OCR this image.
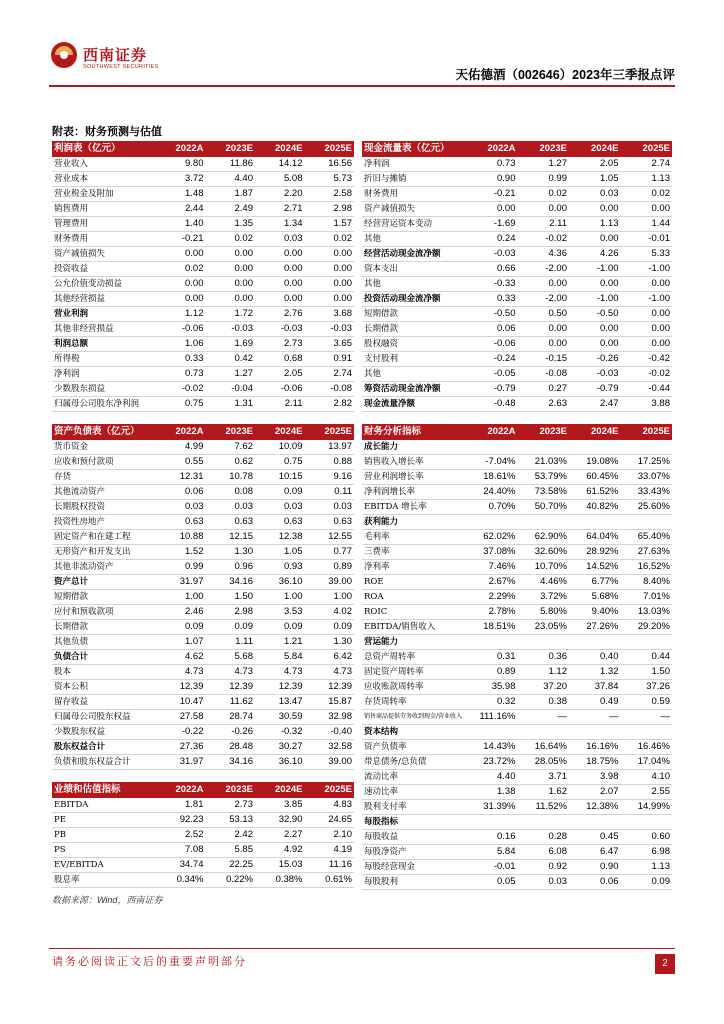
西南证券
SOUTHWEST SECURITIES
天佑德酒（002646）2023年三季报点评
附表：财务预测与估值
利润表（亿元）	2022A	2023E	2024E	2025E
营业收入	9.80	11.86	14.12	16.56
营业成本	3.72	4.40	5.08	5.73
营业税金及附加	1.48	1.87	2.20	2.58
销售费用	2.44	2.49	2.71	2.98
管理费用	1.40	1.35	1.34	1.57
财务费用	-0.21	0.02	0.03	0.02
资产减值损失	0.00	0.00	0.00	0.00
投资收益	0.02	0.00	0.00	0.00
公允价值变动损益	0.00	0.00	0.00	0.00
其他经营损益	0.00	0.00	0.00	0.00
营业利润	1.12	1.72	2.76	3.68
其他非经营损益	-0.06	-0.03	-0.03	-0.03
利润总额	1.06	1.69	2.73	3.65
所得税	0.33	0.42	0.68	0.91
净利润	0.73	1.27	2.05	2.74
少数股东损益	-0.02	-0.04	-0.06	-0.08
归属母公司股东净利润	0.75	1.31	2.11	2.82
现金流量表（亿元）	2022A	2023E	2024E	2025E
净利润	0.73	1.27	2.05	2.74
折旧与摊销	0.90	0.99	1.05	1.13
财务费用	-0.21	0.02	0.03	0.02
资产减值损失	0.00	0.00	0.00	0.00
经营营运资本变动	-1.69	2.11	1.13	1.44
其他	0.24	-0.02	0.00	-0.01
经营活动现金流净额	-0.03	4.36	4.26	5.33
资本支出	0.66	-2.00	-1.00	-1.00
其他	-0.33	0.00	0.00	0.00
投资活动现金流净额	0.33	-2.00	-1.00	-1.00
短期借款	-0.50	0.50	-0.50	0.00
长期借款	0.06	0.00	0.00	0.00
股权融资	-0.06	0.00	0.00	0.00
支付股利	-0.24	-0.15	-0.26	-0.42
其他	-0.05	-0.08	-0.03	-0.02
筹资活动现金流净额	-0.79	0.27	-0.79	-0.44
现金流量净额	-0.48	2.63	2.47	3.88
资产负债表（亿元）	2022A	2023E	2024E	2025E
货币资金	4.99	7.62	10.09	13.97
应收和预付款项	0.55	0.62	0.75	0.88
存货	12.31	10.78	10.15	9.16
其他流动资产	0.06	0.08	0.09	0.11
长期股权投资	0.03	0.03	0.03	0.03
投资性房地产	0.63	0.63	0.63	0.63
固定资产和在建工程	10.88	12.15	12.38	12.55
无形资产和开发支出	1.52	1.30	1.05	0.77
其他非流动资产	0.99	0.96	0.93	0.89
资产总计	31.97	34.16	36.10	39.00
短期借款	1.00	1.50	1.00	1.00
应付和预收款项	2.46	2.98	3.53	4.02
长期借款	0.09	0.09	0.09	0.09
其他负债	1.07	1.11	1.21	1.30
负债合计	4.62	5.68	5.84	6.42
股本	4.73	4.73	4.73	4.73
资本公积	12.39	12.39	12.39	12.39
留存收益	10.47	11.62	13.47	15.87
归属母公司股东权益	27.58	28.74	30.59	32.98
少数股东权益	-0.22	-0.26	-0.32	-0.40
股东权益合计	27.36	28.48	30.27	32.58
负债和股东权益合计	31.97	34.16	36.10	39.00
财务分析指标	2022A	2023E	2024E	2025E
成长能力				
销售收入增长率	-7.04%	21.03%	19.08%	17.25%
营业利润增长率	18.61%	53.79%	60.45%	33.07%
净利润增长率	24.40%	73.58%	61.52%	33.43%
EBITDA 增长率	0.70%	50.70%	40.82%	25.60%
获利能力				
毛利率	62.02%	62.90%	64.04%	65.40%
三费率	37.08%	32.60%	28.92%	27.63%
净利率	7.46%	10.70%	14.52%	16.52%
ROE	2.67%	4.46%	6.77%	8.40%
ROA	2.29%	3.72%	5.68%	7.01%
ROIC	2.78%	5.80%	9.40%	13.03%
EBITDA/销售收入	18.51%	23.05%	27.26%	29.20%
营运能力				
总资产周转率	0.31	0.36	0.40	0.44
固定资产周转率	0.89	1.12	1.32	1.50
应收账款周转率	35.98	37.20	37.84	37.26
存货周转率	0.32	0.38	0.49	0.59
销售商品提供劳务收到现金/营业收入	111.16%	—	—	—
资本结构				
资产负债率	14.43%	16.64%	16.16%	16.46%
带息债务/总负债	23.72%	28.05%	18.75%	17.04%
流动比率	4.40	3.71	3.98	4.10
速动比率	1.38	1.62	2.07	2.55
股利支付率	31.39%	11.52%	12.38%	14.99%
每股指标				
每股收益	0.16	0.28	0.45	0.60
每股净资产	5.84	6.08	6.47	6.98
每股经营现金	-0.01	0.92	0.90	1.13
每股股利	0.05	0.03	0.06	0.09
业绩和估值指标	2022A	2023E	2024E	2025E
EBITDA	1.81	2.73	3.85	4.83
PE	92.23	53.13	32.90	24.65
PB	2.52	2.42	2.27	2.10
PS	7.08	5.85	4.92	4.19
EV/EBITDA	34.74	22.25	15.03	11.16
股息率	0.34%	0.22%	0.38%	0.61%
数据来源：Wind，西南证券
请务必阅读正文后的重要声明部分	2
